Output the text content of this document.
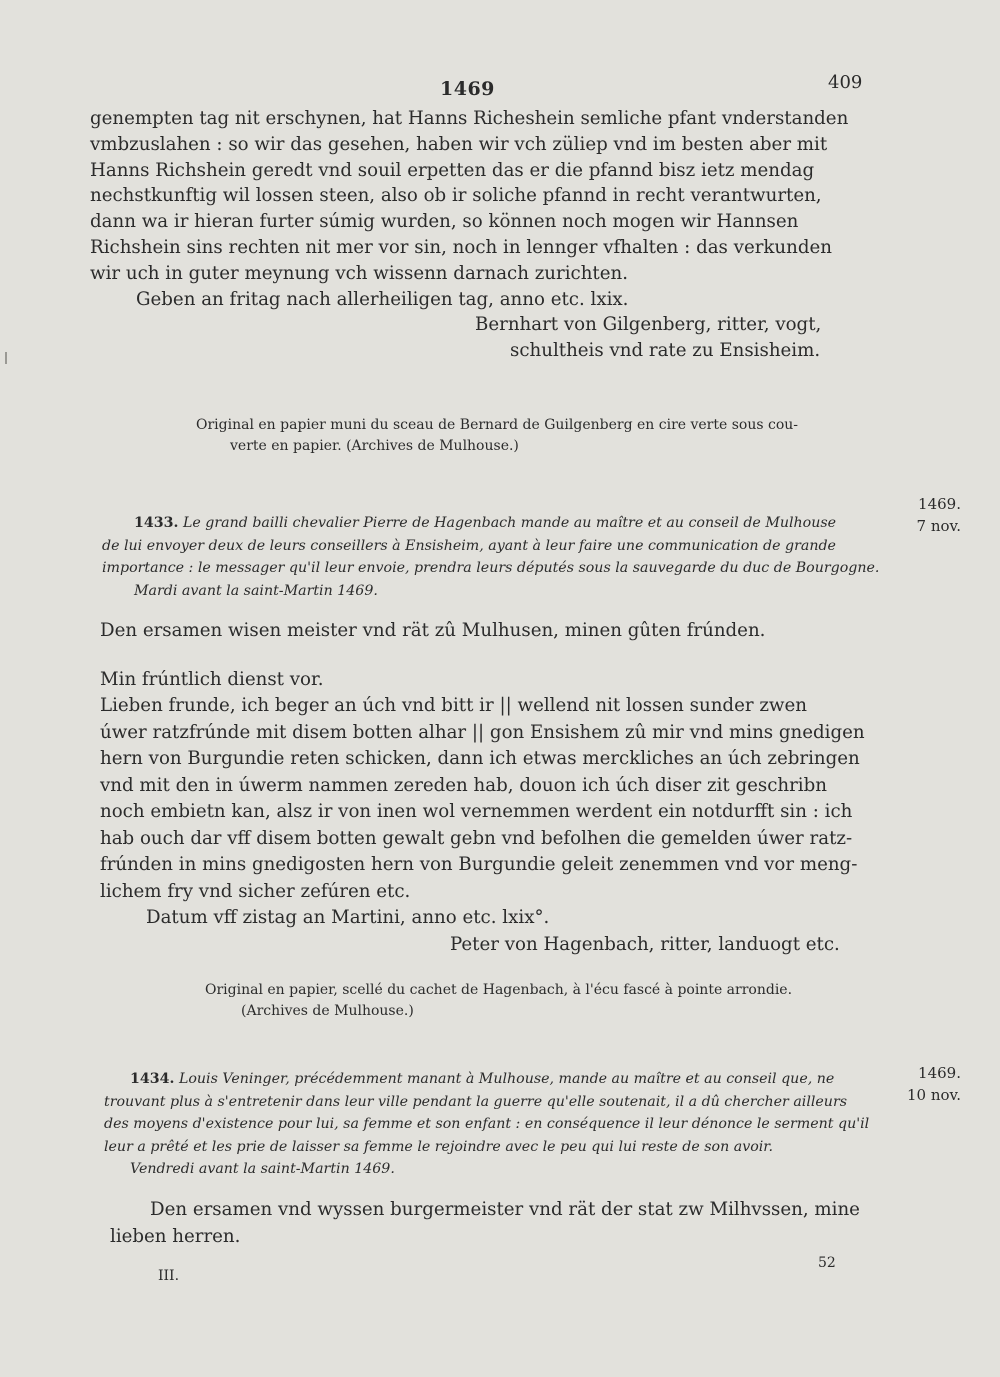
1469	409

genempten tag nit erschynen, hat Hanns Richeshein semliche pfant vnderstanden

vmbzuslahen : so wir das gesehen, haben wir vch züliep vnd im besten aber mit

Hanns Richshein geredt vnd souil erpetten das er die pfannd bisz ietz mendag

nechstkunftig wil lossen steen, also ob ir soliche pfannd in recht verantwurten,

dann wa ir hieran furter súmig wurden, so können noch mogen wir Hannsen

Richshein sins rechten nit mer vor sin, noch in lennger vfhalten : das verkunden

wir uch in guter meynung vch wissenn darnach zurichten.

Geben an fritag nach allerheiligen tag, anno etc. lxix.

Bernhart von Gilgenberg, ritter, vogt,

schultheis vnd rate zu Ensisheim.

Original en papier muni du sceau de Bernard de Guilgenberg en cire verte sous cou-
verte en papier. (Archives de Mulhouse.)
1469.
7 nov.
1433. Le grand bailli chevalier Pierre de Hagenbach mande au maître et au conseil de Mulhouse
de lui envoyer deux de leurs conseillers à Ensisheim, ayant à leur faire une communication de grande
importance : le messager qu'il leur envoie, prendra leurs députés sous la sauvegarde du duc de Bourgogne.
Mardi avant la saint-Martin 1469.

Den ersamen wisen meister vnd rät zû Mulhusen, minen gûten frúnden.

Min frúntlich dienst vor.

Lieben frunde, ich beger an úch vnd bitt ir || wellend nit lossen sunder zwen

úwer ratzfrúnde mit disem botten alhar || gon Ensishem zû mir vnd mins gnedigen

hern von Burgundie reten schicken, dann ich etwas merckliches an úch zebringen

vnd mit den in úwerm nammen zereden hab, douon ich úch diser zit geschribn

noch embietn kan, alsz ir von inen wol vernemmen werdent ein notdurfft sin : ich

hab ouch dar vff disem botten gewalt gebn vnd befolhen die gemelden úwer ratz-

frúnden in mins gnedigosten hern von Burgundie geleit zenemmen vnd vor meng-

lichem fry vnd sicher zefúren etc.

Datum vff zistag an Martini, anno etc. lxix°.

Peter von Hagenbach, ritter, landuogt etc.

Original en papier, scellé du cachet de Hagenbach, à l'écu fascé à pointe arrondie.
(Archives de Mulhouse.)
1469.
10 nov.
1434. Louis Veninger, précédemment manant à Mulhouse, mande au maître et au conseil que, ne
trouvant plus à s'entretenir dans leur ville pendant la guerre qu'elle soutenait, il a dû chercher ailleurs
des moyens d'existence pour lui, sa femme et son enfant : en conséquence il leur dénonce le serment qu'il
leur a prêté et les prie de laisser sa femme le rejoindre avec le peu qui lui reste de son avoir.
Vendredi avant la saint-Martin 1469.

Den ersamen vnd wyssen burgermeister vnd rät der stat zw Milhvssen, mine

lieben herren.

III.
52
